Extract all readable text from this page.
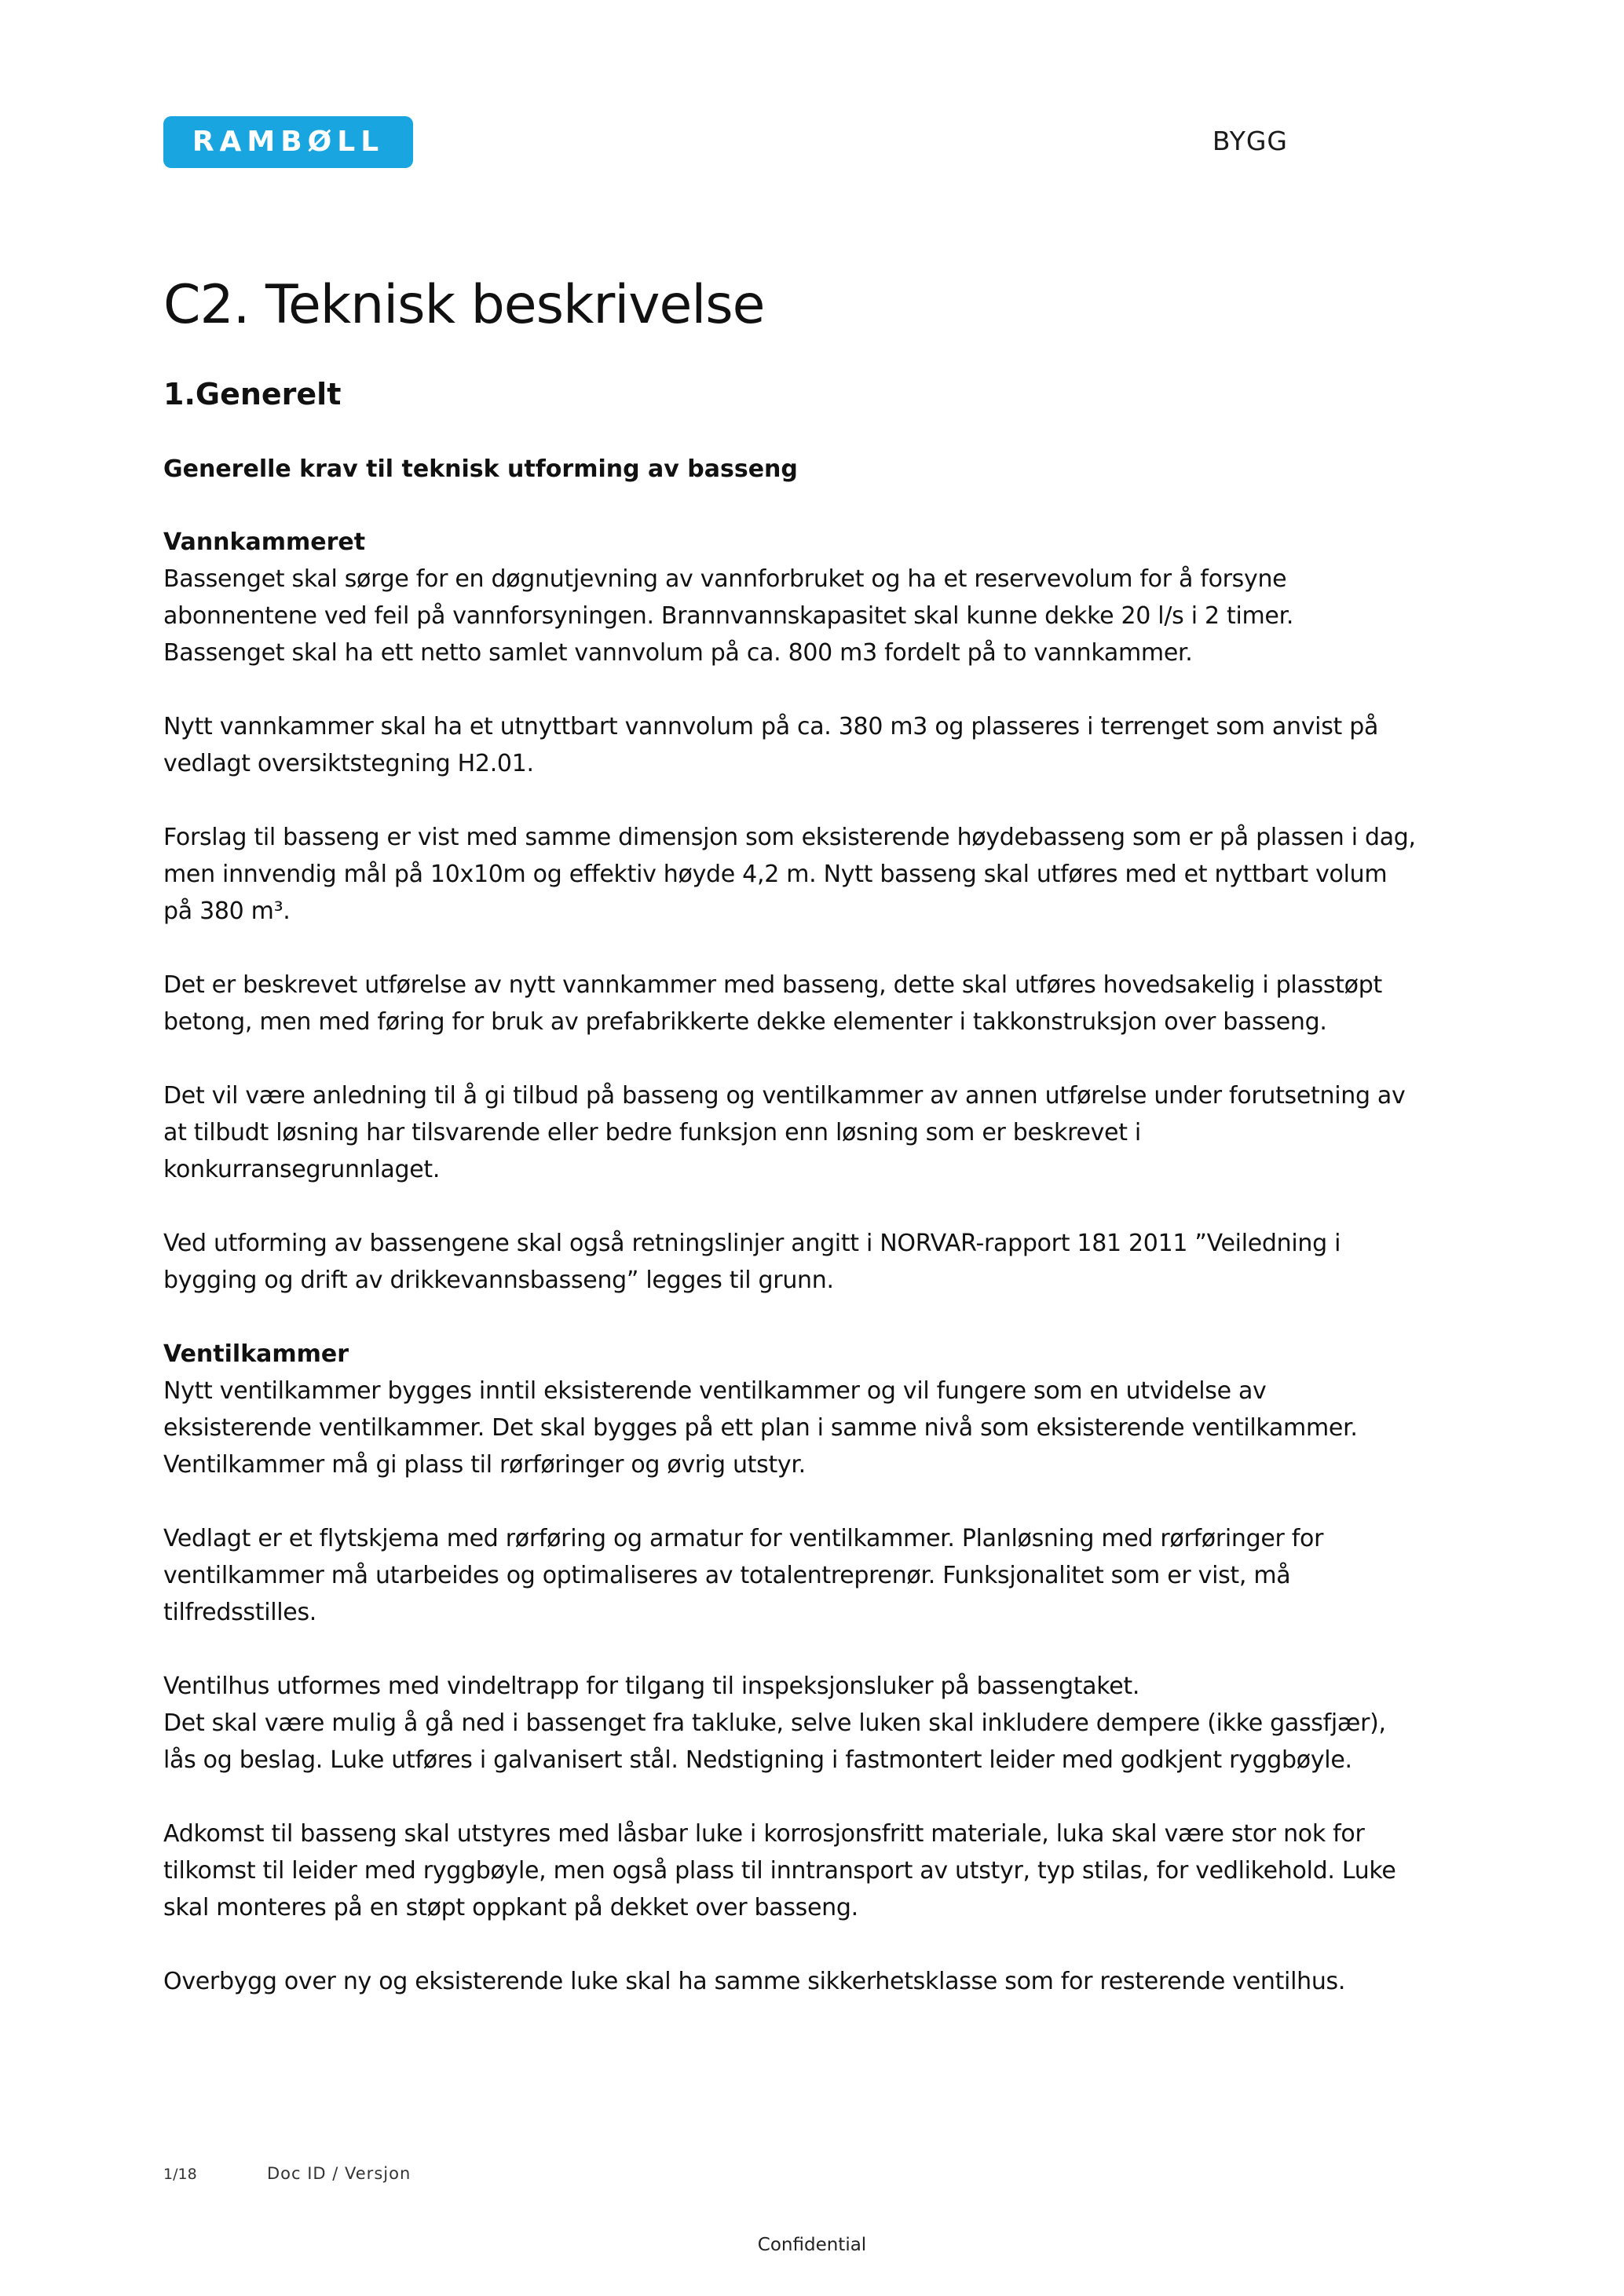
RAMBØLL	BYGG
C2. Teknisk beskrivelse
1.Generelt

Generelle krav til teknisk utforming av basseng

Vannkammeret

Bassenget skal sørge for en døgnutjevning av vannforbruket og ha et reservevolum for å forsyne
abonnentene ved feil på vannforsyningen. Brannvannskapasitet skal kunne dekke 20 l/s i 2 timer.
Bassenget skal ha ett netto samlet vannvolum på ca. 800 m3 fordelt på to vannkammer.

Nytt vannkammer skal ha et utnyttbart vannvolum på ca. 380 m3 og plasseres i terrenget som anvist på
vedlagt oversiktstegning H2.01.

Forslag til basseng er vist med samme dimensjon som eksisterende høydebasseng som er på plassen i dag,
men innvendig mål på 10x10m og effektiv høyde 4,2 m. Nytt basseng skal utføres med et nyttbart volum
på 380 m³.

Det er beskrevet utførelse av nytt vannkammer med basseng, dette skal utføres hovedsakelig i plasstøpt
betong, men med føring for bruk av prefabrikkerte dekke elementer i takkonstruksjon over basseng.

Det vil være anledning til å gi tilbud på basseng og ventilkammer av annen utførelse under forutsetning av
at tilbudt løsning har tilsvarende eller bedre funksjon enn løsning som er beskrevet i
konkurransegrunnlaget.

Ved utforming av bassengene skal også retningslinjer angitt i NORVAR-rapport 181 2011 ”Veiledning i
bygging og drift av drikkevannsbasseng” legges til grunn.

Ventilkammer

Nytt ventilkammer bygges inntil eksisterende ventilkammer og vil fungere som en utvidelse av
eksisterende ventilkammer. Det skal bygges på ett plan i samme nivå som eksisterende ventilkammer.
Ventilkammer må gi plass til rørføringer og øvrig utstyr.

Vedlagt er et flytskjema med rørføring og armatur for ventilkammer. Planløsning med rørføringer for
ventilkammer må utarbeides og optimaliseres av totalentreprenør. Funksjonalitet som er vist, må
tilfredsstilles.

Ventilhus utformes med vindeltrapp for tilgang til inspeksjonsluker på bassengtaket.
Det skal være mulig å gå ned i bassenget fra takluke, selve luken skal inkludere dempere (ikke gassfjær),
lås og beslag. Luke utføres i galvanisert stål. Nedstigning i fastmontert leider med godkjent ryggbøyle.

Adkomst til basseng skal utstyres med låsbar luke i korrosjonsfritt materiale, luka skal være stor nok for
tilkomst til leider med ryggbøyle, men også plass til inntransport av utstyr, typ stilas, for vedlikehold. Luke
skal monteres på en støpt oppkant på dekket over basseng.

Overbygg over ny og eksisterende luke skal ha samme sikkerhetsklasse som for resterende ventilhus.

1/18	Doc ID / Versjon
Confidential
